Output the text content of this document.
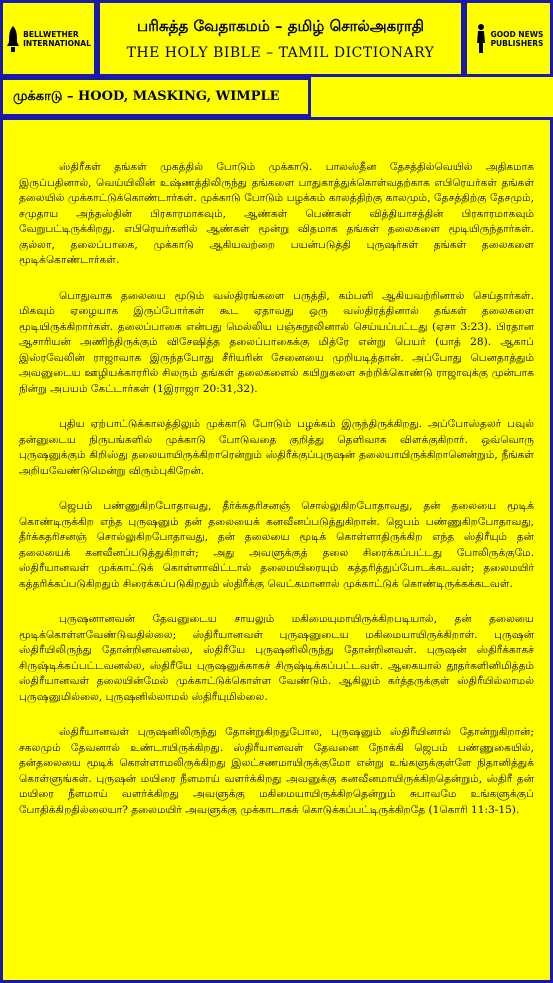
BELLWETHER
INTERNATIONAL
பரிசுத்த வேதாகமம் – தமிழ் சொல்அகராதி
THE HOLY BIBLE – TAMIL DICTIONARY
GOOD NEWS
PUBLISHERS
முக்காடு – HOOD, MASKING, WIMPLE

ஸ்திரீகள் தங்கள் முகத்தில் போடும் முக்காடு. பாலஸ்தீன தேசத்தில்வெயில் அதிகமாக இருப்பதினால், வெய்யிலின் உஷ்ணத்திலிருந்து தங்களை பாதுகாத்துக்கொள்வதற்காக எபிரெயர்கள் தங்கள் தலையில் முக்காட்டுக்கொண்டார்கள். முக்காடு போடும் பழக்கம் காலத்திற்கு காலமும், தேசத்திற்கு தேசமும், சமுதாய அந்தஸ்தின் பிரகாரமாகவும், ஆண்கள் பெண்கள் வித்தியாசத்தின் பிரகாரமாகவும் வேறுபட்டிருக்கிறது. எபிரெயர்களில் ஆண்கள் மூன்று விதமாக தங்கள் தலைகளை மூடியிருந்தார்கள். குல்லா, தலைப்பாகை, முக்காடு ஆகியவற்றை பயன்படுத்தி புருஷர்கள் தங்கள் தலைகளை மூடிக்கொண்டார்கள்.

பொதுவாக தலையை மூடும் வஸ்திரங்களை பருத்தி, கம்பளி ஆகியவற்றினால் செய்தார்கள். மிகவும் ஏழையாக இருப்போர்கள் கூட ஏதாவது ஒரு வஸ்திரத்தினால் தங்கள் தலைகளை மூடியிருக்கிறார்கள். தலைப்பாகை என்பது மெல்லிய பஞ்சுநூலினால் செய்யப்பட்டது (ஏசா 3:23). பிரதான ஆசாரியன் அணிந்திருக்கும் விசேஷித்த தலைப்பாகைக்கு மித்ரே என்று பெயர் (யாத் 28). ஆகாப் இஸ்ரவேலின் ராஜாவாக இருந்தபோது சீரியரின் சேனையை முறியடித்தான். அப்போது பெனதாத்தும் அவனுடைய ஊழியக்காரரில் சிலரும் தங்கள் தலைகளைல் கயிறுகளை சுற்றிக்கொண்டு ராஜாவுக்கு முன்பாக நின்று அபயம் கேட்டார்கள் (1இராஜா 20:31,32).

புதிய ஏற்பாட்டுக்காலத்திலும் முக்காடு போடும் பழக்கம் இருந்திருக்கிறது. அப்போஸ்தலர் பவுல் தன்னுடைய நிருபங்களில் முக்காடு போடுவதை குறித்து தெளிவாக விளக்குகிறார். ஒவ்வொரு புருஷனுக்கும் கிறிஸ்து தலையாயிருக்கிறாரென்றும் ஸ்திரீக்குப்புருஷன் தலையாயிருக்கிறானென்றும், நீங்கள் அறியவேண்டுமென்று விரும்புகிறேன்.

ஜெபம் பண்ணுகிறபோதாவது, தீர்க்கதரிசனஞ் சொல்லுகிறபோதாவது, தன் தலையை மூடிக் கொண்டிருக்கிற எந்த புருஷனும் தன் தலையைக் கனவீனப்படுத்துகிறான். ஜெபம் பண்ணுகிறபோதாவது, தீர்க்கதரிசனஞ் சொல்லுகிறபோதாவது, தன் தலையை மூடிக் கொள்ளாதிருக்கிற எந்த ஸ்திரீயும் தன் தலையைக் கனவீனப்படுத்துகிறாள்; அது அவளுக்குத் தலை சிரைக்கப்பட்டது போலிருக்குமே. ஸ்திரீயானவள் முக்காட்டுக் கொள்ளாவிட்டால் தலைமயிரையும் கத்தரித்துப்போடக்கடவள்; தலைமயிர் கத்தரிக்கப்படுகிறதும் சிரைக்கப்படுகிறதும் ஸ்திரீக்கு வெட்கமானால் முக்காட்டுக் கொண்டிருக்கக்கடவள்.

புருஷனானவன் தேவனுடைய சாயலும் மகிமையுமாயிருக்கிறபடியால், தன் தலையை மூடிக்கொள்ளவேண்டுவதில்லை; ஸ்திரீயானவள் புருஷனுடைய மகிமையாயிருக்கிறாள். புருஷன் ஸ்திரீயிலிருந்து தோன்றினவனல்ல, ஸ்திரீயே புருஷனிலிருந்து தோன்றினவள். புருஷன் ஸ்திரீக்காகச் சிருஷ்டிக்கப்பட்டவனல்ல, ஸ்திரீயே புருஷனுக்காகச் சிருஷ்டிக்கப்பட்டவள். ஆகையால் தூதர்களினிமித்தம் ஸ்திரீயானவள் தலையின்மேல் முக்காட்டுக்கொள்ள வேண்டும். ஆகிலும் கர்த்தருக்குள் ஸ்திரீயில்லாமல் புருஷனுமில்லை, புருஷனில்லாமல் ஸ்திரீயுமில்லை.

ஸ்திரீயானவள் புருஷனிலிருந்து தோன்றுகிறதுபோல, புருஷனும் ஸ்திரீயினால் தோன்றுகிறான்; சகலமும் தேவனால் உண்டாயிருக்கிறது. ஸ்திரீயானவள் தேவனை நோக்கி ஜெபம் பண்ணுகையில், தன்தலையை மூடிக் கொள்ளாமலிருக்கிறது இலட்சணமாயிருக்குமோ என்று உங்களுக்குள்ளே நிதானித்துக் கொள்ளுங்கள். புருஷன் மயிரை நீளமாய் வளர்க்கிறது அவனுக்கு கனவீனமாயிருக்கிறதென்றும், ஸ்திரீ தன் மயிரை நீளமாய் வளர்க்கிறது அவளுக்கு மகிமையாயிருக்கிறதென்றும் சுபாவமே உங்களுக்குப் போதிக்கிறதில்லையா? தலைமயிர் அவளுக்கு முக்காடாகக் கொடுக்கப்பட்டிருக்கிறதே (1கொரி 11:3-15).
